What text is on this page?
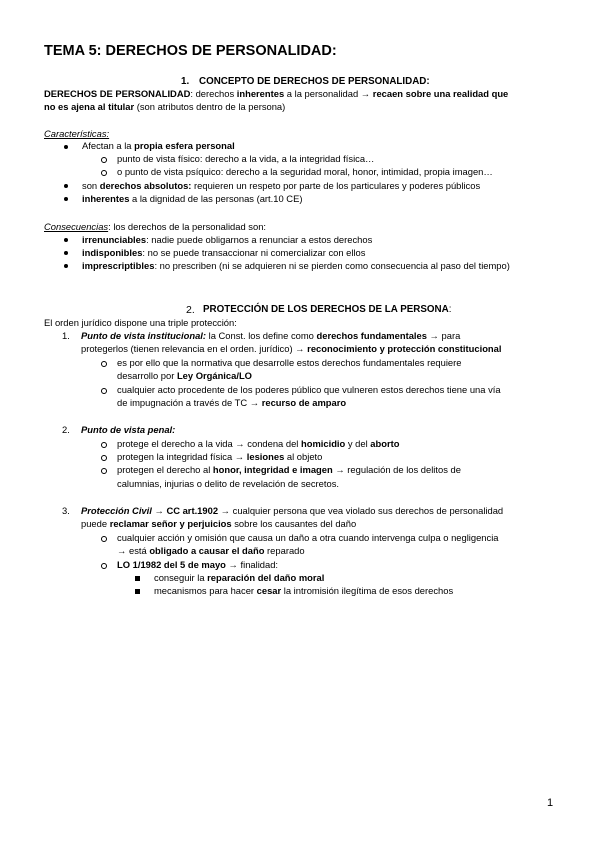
TEMA 5: DERECHOS DE PERSONALIDAD:
1. CONCEPTO DE DERECHOS DE PERSONALIDAD:
DERECHOS DE PERSONALIDAD: derechos inherentes a la personalidad → recaen sobre una realidad que
no es ajena al titular (son atributos dentro de la persona)
Características:
Afectan a la propia esfera personal
punto de vista físico: derecho a la vida, a la integridad física…
o punto de vista psíquico: derecho a la seguridad moral, honor, intimidad, propia imagen…
son derechos absolutos: requieren un respeto por parte de los particulares y poderes públicos
inherentes a la dignidad de las personas (art.10 CE)
Consecuencias: los derechos de la personalidad son:
irrenunciables: nadie puede obligarnos a renunciar a estos derechos
indisponibles: no se puede transaccionar ni comercializar con ellos
imprescriptibles: no prescriben (ni se adquieren ni se pierden como consecuencia al paso del tiempo)
2. PROTECCIÓN DE LOS DERECHOS DE LA PERSONA:
El orden jurídico dispone una triple protección:
1. Punto de vista institucional: la Const. los define como derechos fundamentales → para
protegerlos (tienen relevancia en el orden. jurídico) → reconocimiento y protección constitucional
es por ello que la normativa que desarrolle estos derechos fundamentales requiere
desarrollo por Ley Orgánica/LO
cualquier acto procedente de los poderes público que vulneren estos derechos tiene una vía
de impugnación a través de TC → recurso de amparo
2. Punto de vista penal:
protege el derecho a la vida → condena del homicidio y del aborto
protegen la integridad física → lesiones al objeto
protegen el derecho al honor, integridad e imagen → regulación de los delitos de
calumnias, injurias o delito de revelación de secretos.
3. Protección Civil → CC art.1902 → cualquier persona que vea violado sus derechos de personalidad
puede reclamar señor y perjuicios sobre los causantes del daño
cualquier acción y omisión que causa un daño a otra cuando intervenga culpa o negligencia
→ está obligado a causar el daño reparado
LO 1/1982 del 5 de mayo → finalidad:
conseguir la reparación del daño moral
mecanismos para hacer cesar la intromisión ilegítima de esos derechos
1
